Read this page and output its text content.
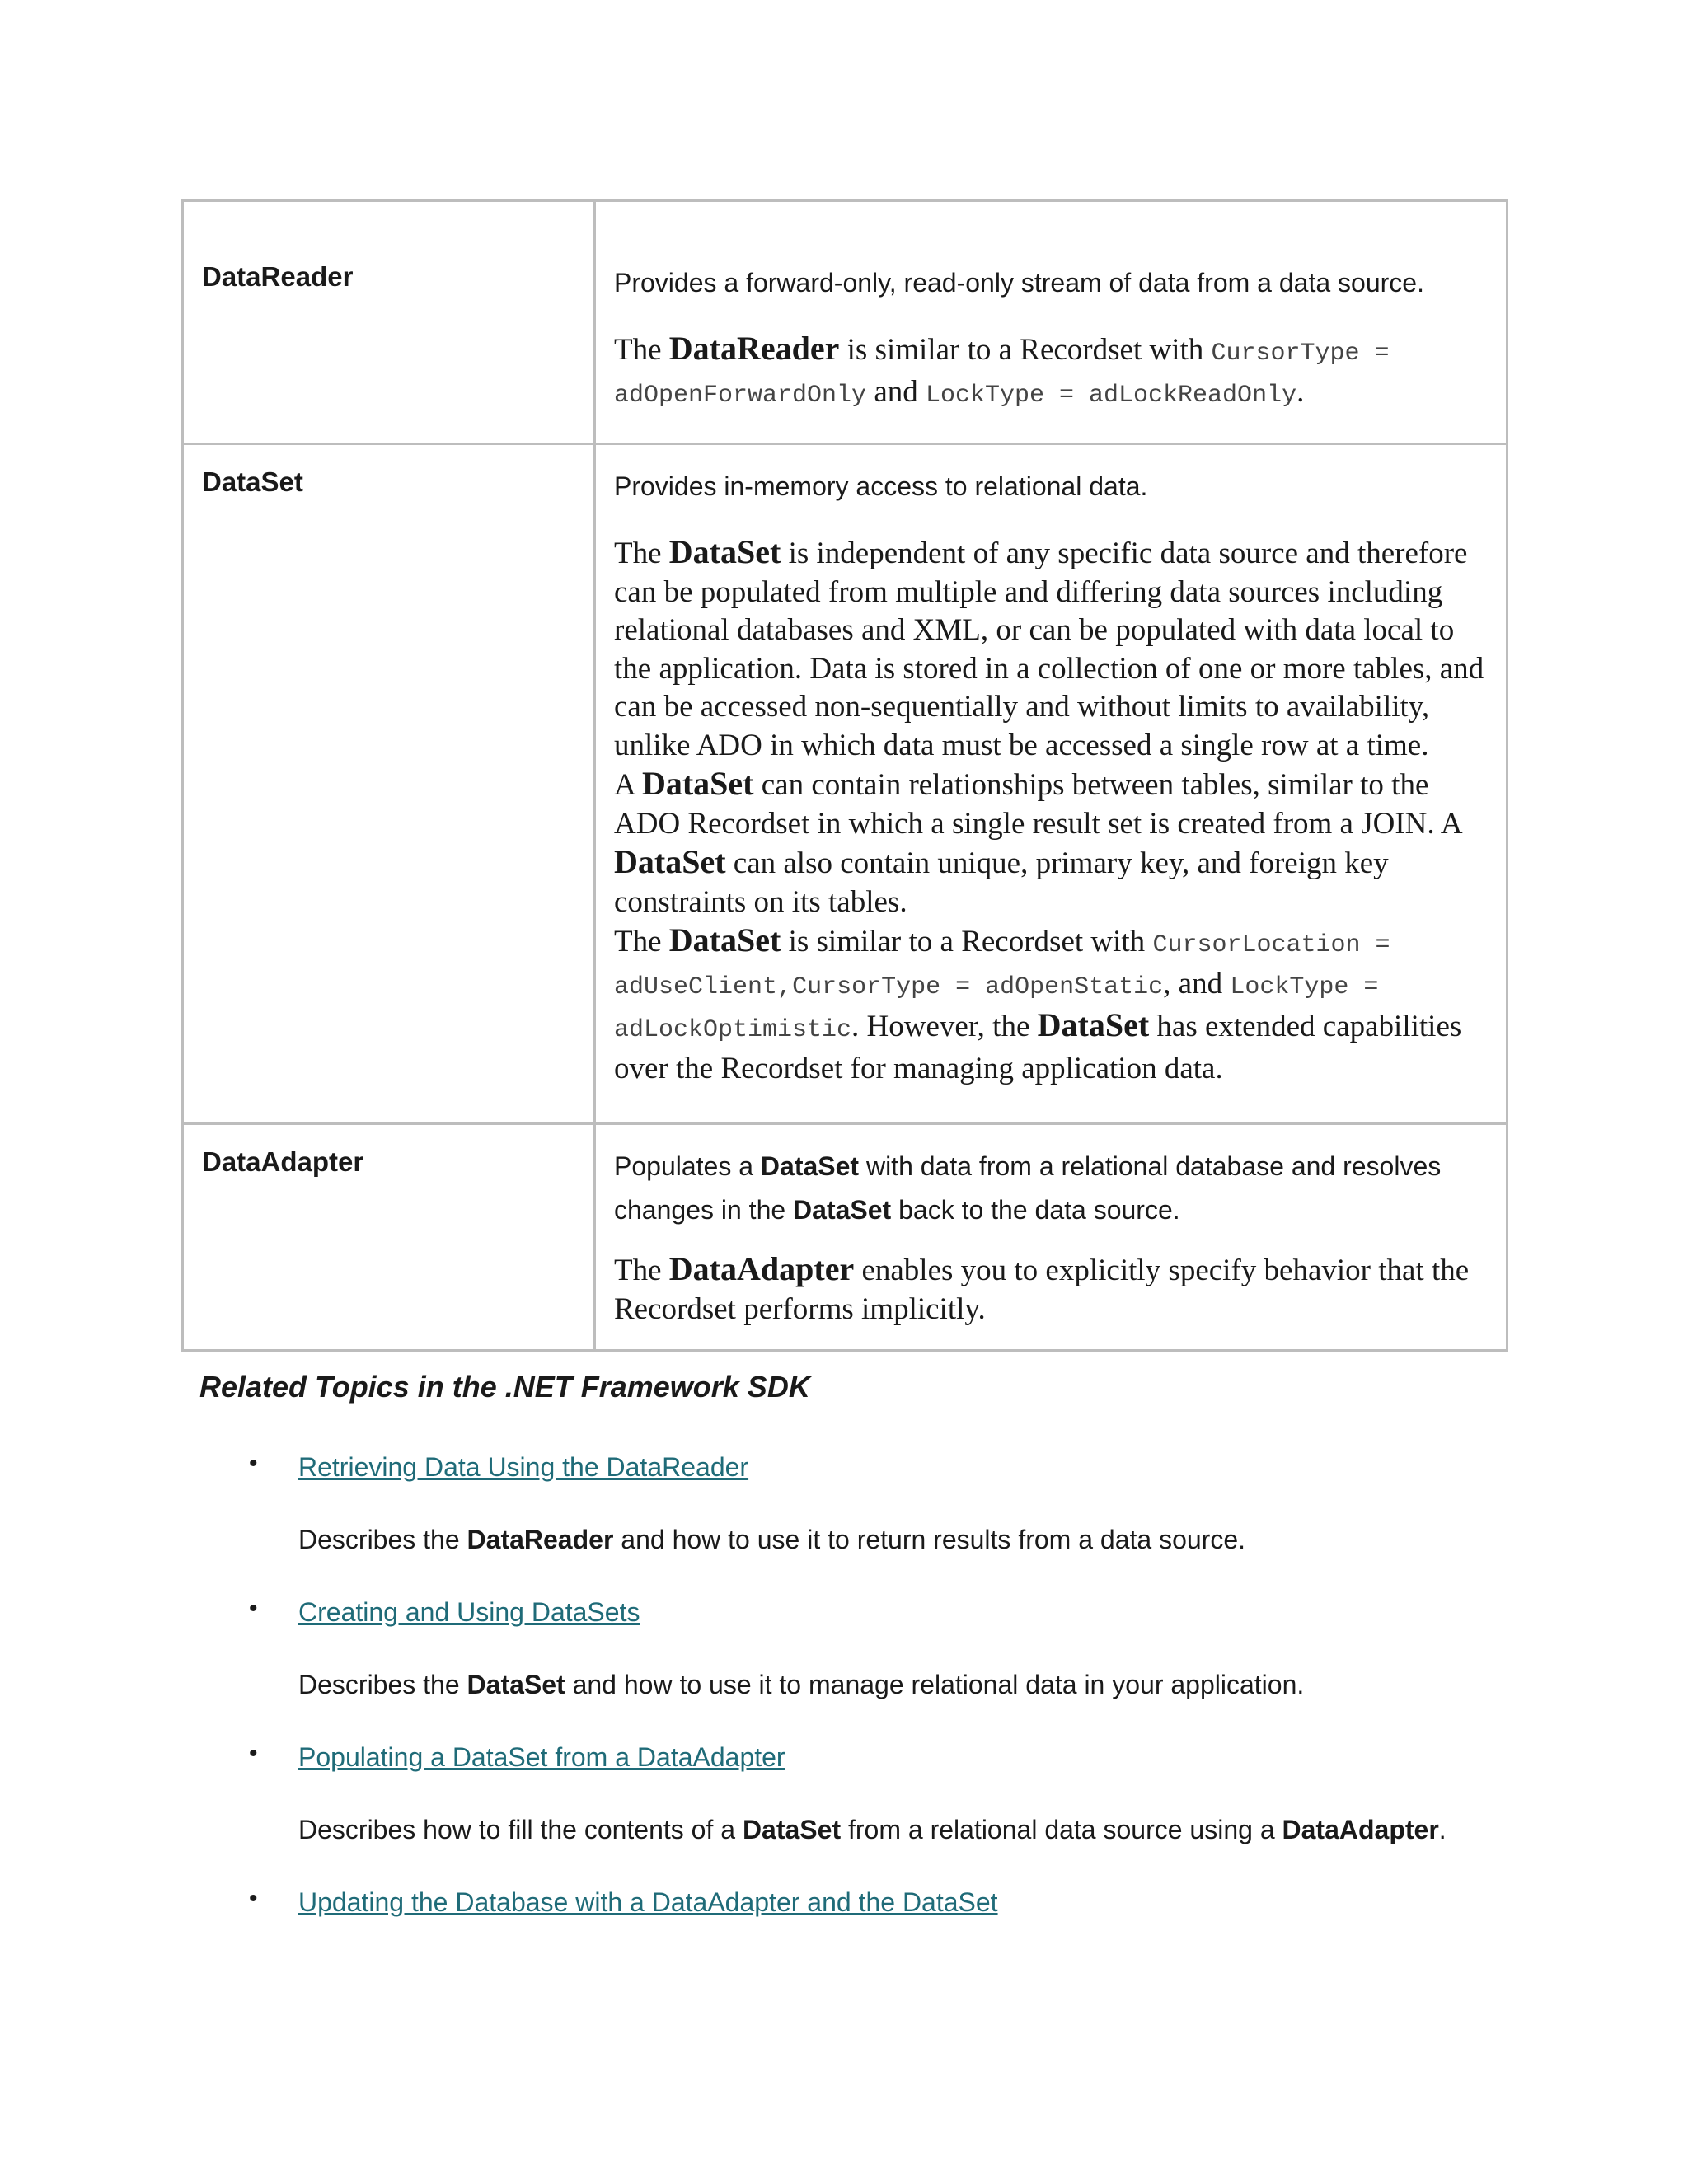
DataReader	Provides a forward-only, read-only stream of data from a data source.

The DataReader is similar to a Recordset with CursorType = adOpenForwardOnly and LockType = adLockReadOnly.

DataSet	Provides in-memory access to relational data.

The DataSet is independent of any specific data source and therefore can be populated from multiple and differing data sources including relational databases and XML, or can be populated with data local to the application. Data is stored in a collection of one or more tables, and can be accessed non-sequentially and without limits to availability, unlike ADO in which data must be accessed a single row at a time.

A DataSet can contain relationships between tables, similar to the ADO Recordset in which a single result set is created from a JOIN. A DataSet can also contain unique, primary key, and foreign key constraints on its tables.

The DataSet is similar to a Recordset with CursorLocation = adUseClient,CursorType = adOpenStatic, and LockType = adLockOptimistic. However, the DataSet has extended capabilities over the Recordset for managing application data.

DataAdapter	Populates a DataSet with data from a relational database and resolves changes in the DataSet back to the data source.

The DataAdapter enables you to explicitly specify behavior that the Recordset performs implicitly.

Related Topics in the .NET Framework SDK
• Retrieving Data Using the DataReader
Describes the DataReader and how to use it to return results from a data source.
• Creating and Using DataSets
Describes the DataSet and how to use it to manage relational data in your application.
• Populating a DataSet from a DataAdapter
Describes how to fill the contents of a DataSet from a relational data source using a DataAdapter.
• Updating the Database with a DataAdapter and the DataSet
